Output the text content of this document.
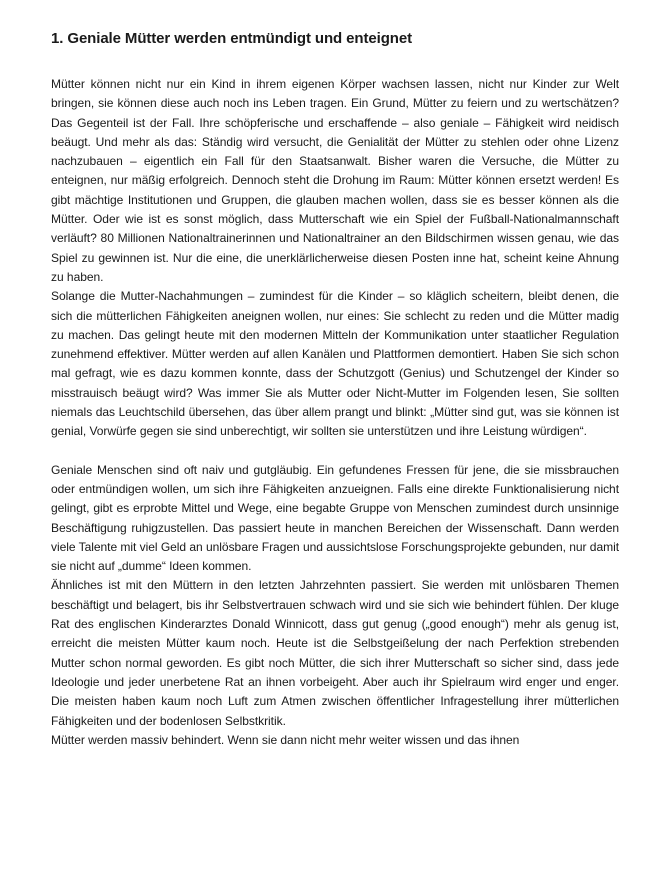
1. Geniale Mütter werden entmündigt und enteignet

Mütter können nicht nur ein Kind in ihrem eigenen Körper wachsen lassen, nicht nur Kinder zur Welt bringen, sie können diese auch noch ins Leben tragen. Ein Grund, Mütter zu feiern und zu wertschätzen? Das Gegenteil ist der Fall. Ihre schöpferische und erschaffende – also geniale – Fähigkeit wird neidisch beäugt. Und mehr als das: Ständig wird versucht, die Genialität der Mütter zu stehlen oder ohne Lizenz nachzubauen – eigentlich ein Fall für den Staatsanwalt. Bisher waren die Versuche, die Mütter zu enteignen, nur mäßig erfolgreich. Dennoch steht die Drohung im Raum: Mütter können ersetzt werden! Es gibt mächtige Institutionen und Gruppen, die glauben machen wollen, dass sie es besser können als die Mütter. Oder wie ist es sonst möglich, dass Mutterschaft wie ein Spiel der Fußball-Nationalmannschaft verläuft? 80 Millionen Nationaltrainerinnen und Nationaltrainer an den Bildschirmen wissen genau, wie das Spiel zu gewinnen ist. Nur die eine, die unerklärlicherweise diesen Posten inne hat, scheint keine Ahnung zu haben.

Solange die Mutter-Nachahmungen – zumindest für die Kinder – so kläglich scheitern, bleibt denen, die sich die mütterlichen Fähigkeiten aneignen wollen, nur eines: Sie schlecht zu reden und die Mütter madig zu machen. Das gelingt heute mit den modernen Mitteln der Kommunikation unter staatlicher Regulation zunehmend effektiver. Mütter werden auf allen Kanälen und Plattformen demontiert. Haben Sie sich schon mal gefragt, wie es dazu kommen konnte, dass der Schutzgott (Genius) und Schutzengel der Kinder so misstrauisch beäugt wird? Was immer Sie als Mutter oder Nicht-Mutter im Folgenden lesen, Sie sollten niemals das Leuchtschild übersehen, das über allem prangt und blinkt: „Mütter sind gut, was sie können ist genial, Vorwürfe gegen sie sind unberechtigt, wir sollten sie unterstützen und ihre Leistung würdigen“.

Geniale Menschen sind oft naiv und gutgläubig. Ein gefundenes Fressen für jene, die sie missbrauchen oder entmündigen wollen, um sich ihre Fähigkeiten anzueignen. Falls eine direkte Funktionalisierung nicht gelingt, gibt es erprobte Mittel und Wege, eine begabte Gruppe von Menschen zumindest durch unsinnige Beschäftigung ruhigzustellen. Das passiert heute in manchen Bereichen der Wissenschaft. Dann werden viele Talente mit viel Geld an unlösbare Fragen und aussichtslose Forschungsprojekte gebunden, nur damit sie nicht auf „dumme“ Ideen kommen.

Ähnliches ist mit den Müttern in den letzten Jahrzehnten passiert. Sie werden mit unlösbaren Themen beschäftigt und belagert, bis ihr Selbstvertrauen schwach wird und sie sich wie behindert fühlen. Der kluge Rat des englischen Kinderarztes Donald Winnicott, dass gut genug („good enough“) mehr als genug ist, erreicht die meisten Mütter kaum noch. Heute ist die Selbstgeißelung der nach Perfektion strebenden Mutter schon normal geworden. Es gibt noch Mütter, die sich ihrer Mutterschaft so sicher sind, dass jede Ideologie und jeder unerbetene Rat an ihnen vorbeigeht. Aber auch ihr Spielraum wird enger und enger. Die meisten haben kaum noch Luft zum Atmen zwischen öffentlicher Infragestellung ihrer mütterlichen Fähigkeiten und der bodenlosen Selbstkritik.

Mütter werden massiv behindert. Wenn sie dann nicht mehr weiter wissen und das ihnen
